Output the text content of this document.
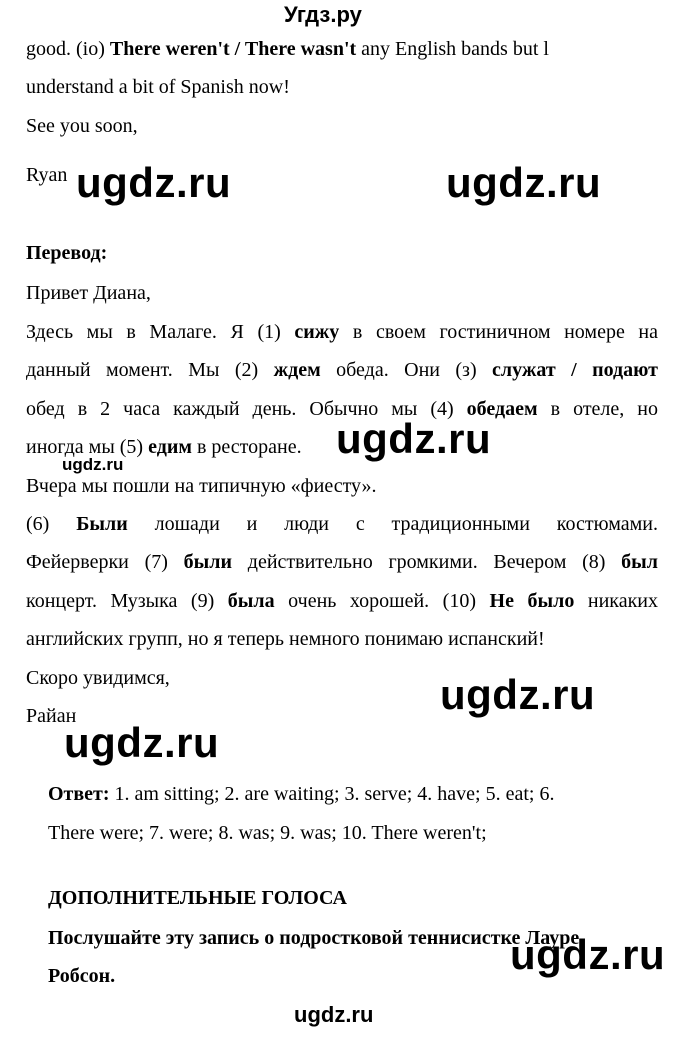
Угдз.ру
good. (io) There weren't / There wasn't any English bands but l
understand a bit of Spanish now!
See you soon,
Ryan ugdz.ru	ugdz.ru
Перевод:
Привет Диана,
Здесь мы в Малаге. Я (1) сижу в своем гостиничном номере на
данный момент. Мы (2) ждем обеда. Они (з) служат / подают
обед в 2 часа каждый день. Обычно мы (4) обедаем в отеле, но
иногда мы (5) едим в ресторане. ugdz.ru
ugdz.ru
Вчера мы пошли на типичную «фиесту».
(6) Были лошади и люди с традиционными костюмами.
Фейерверки (7) были действительно громкими. Вечером (8) был
концерт. Музыка (9) была очень хорошей. (10) Не было никаких
английских групп, но я теперь немного понимаю испанский!
Скоро увидимся,	ugdz.ru
Райан
ugdz.ru
Ответ: 1. am sitting; 2. are waiting; 3. serve; 4. have; 5. eat; 6.
There were; 7. were; 8. was; 9. was; 10. There weren't;
ДОПОЛНИТЕЛЬНЫЕ ГОЛОСА
Послушайте эту запись о подростковой теннисистке Лауре
Робсон.	ugdz.ru
ugdz.ru
